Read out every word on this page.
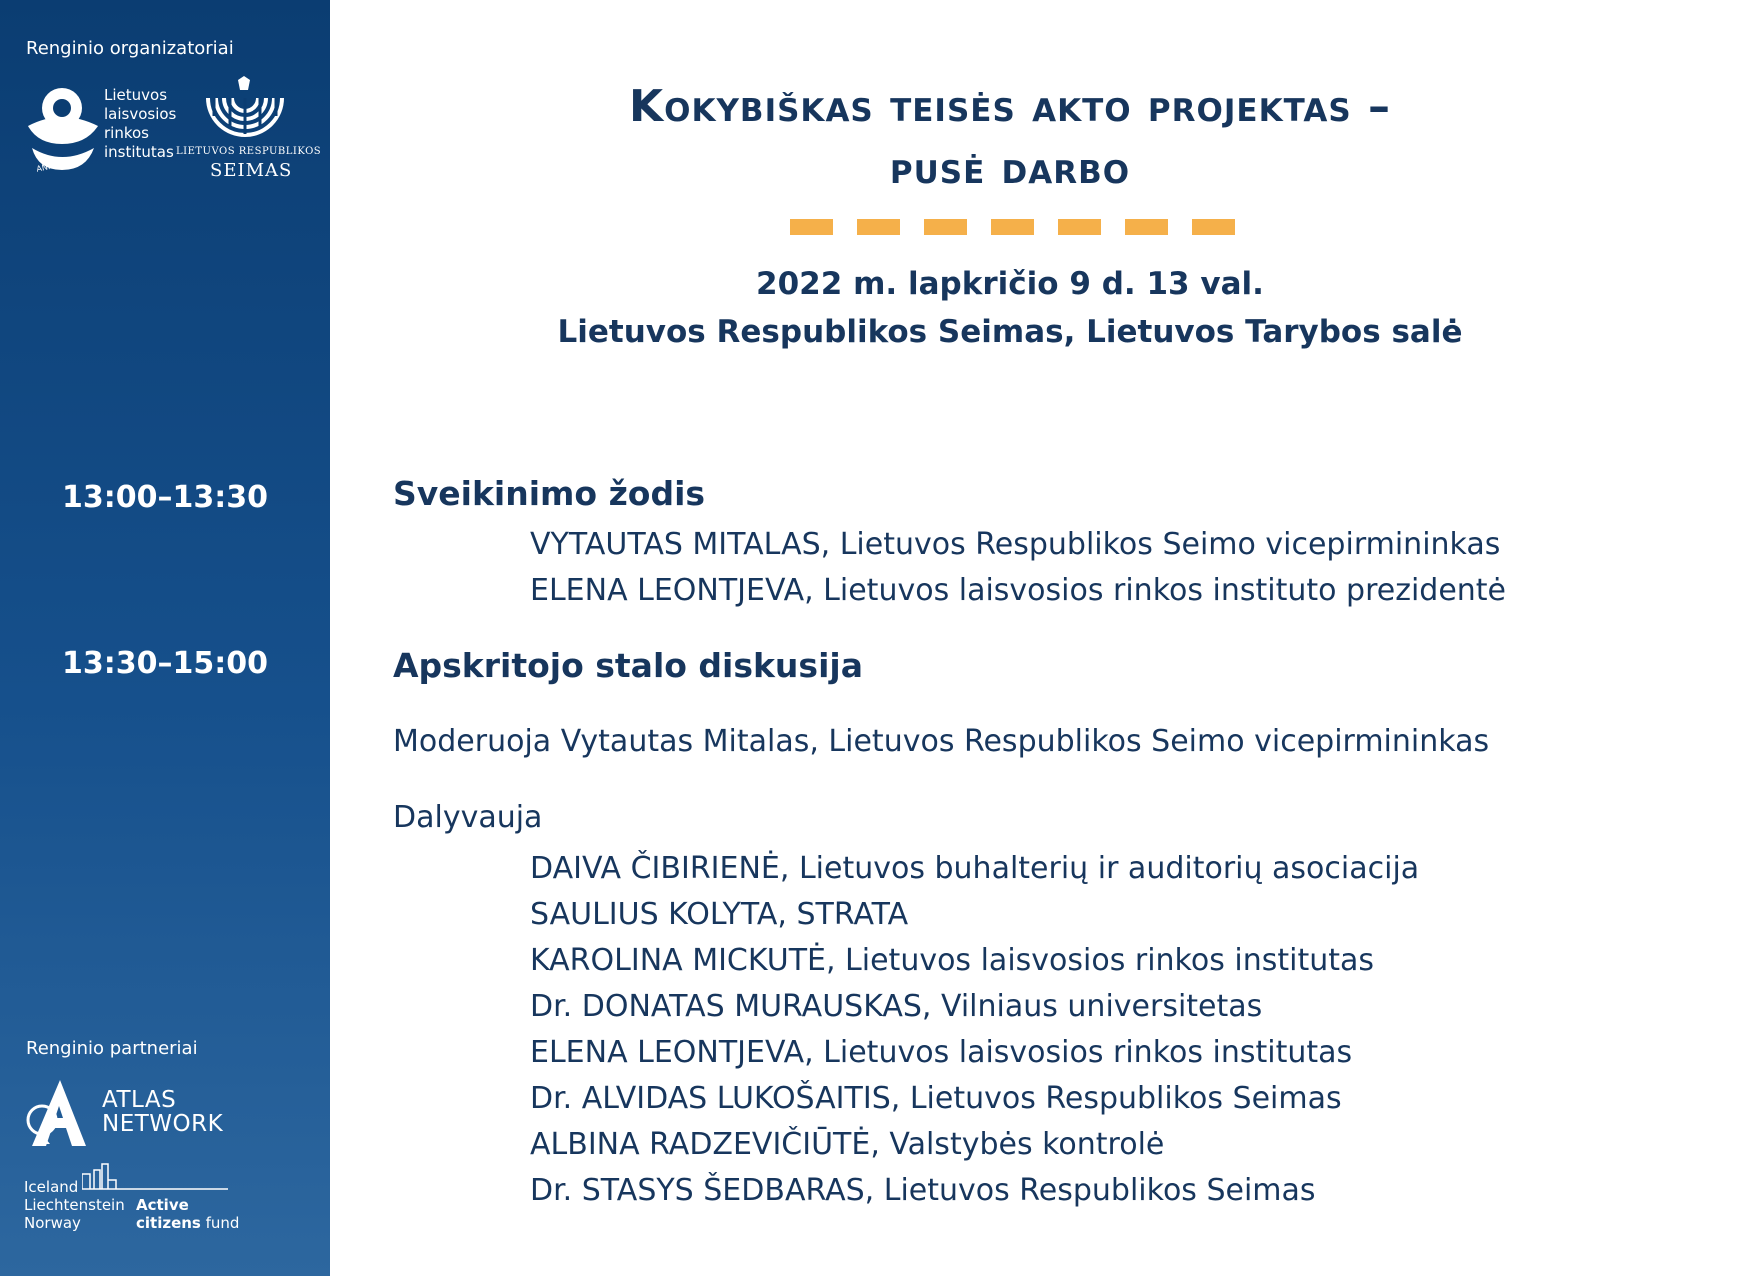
Renginio organizatoriai
Lietuvos
laisvosios
rinkos
institutas
ANNO 1990
LIETUVOS RESPUBLIKOS
SEIMAS
13:00–13:30
13:30–15:00
Renginio partneriai
ATLAS
NETWORK
Iceland
Liechtenstein
Norway
Active
citizens fund
Kokybiškas teisės akto projektas –
pusė darbo
2022 m. lapkričio 9 d. 13 val.
Lietuvos Respublikos Seimas, Lietuvos Tarybos salė
Sveikinimo žodis
VYTAUTAS MITALAS, Lietuvos Respublikos Seimo vicepirmininkas
ELENA LEONTJEVA, Lietuvos laisvosios rinkos instituto prezidentė
Apskritojo stalo diskusija
Moderuoja Vytautas Mitalas, Lietuvos Respublikos Seimo vicepirmininkas
Dalyvauja
DAIVA ČIBIRIENĖ, Lietuvos buhalterių ir auditorių asociacija
SAULIUS KOLYTA, STRATA
KAROLINA MICKUTĖ, Lietuvos laisvosios rinkos institutas
Dr. DONATAS MURAUSKAS, Vilniaus universitetas
ELENA LEONTJEVA, Lietuvos laisvosios rinkos institutas
Dr. ALVIDAS LUKOŠAITIS, Lietuvos Respublikos Seimas
ALBINA RADZEVIČIŪTĖ, Valstybės kontrolė
Dr. STASYS ŠEDBARAS, Lietuvos Respublikos Seimas
